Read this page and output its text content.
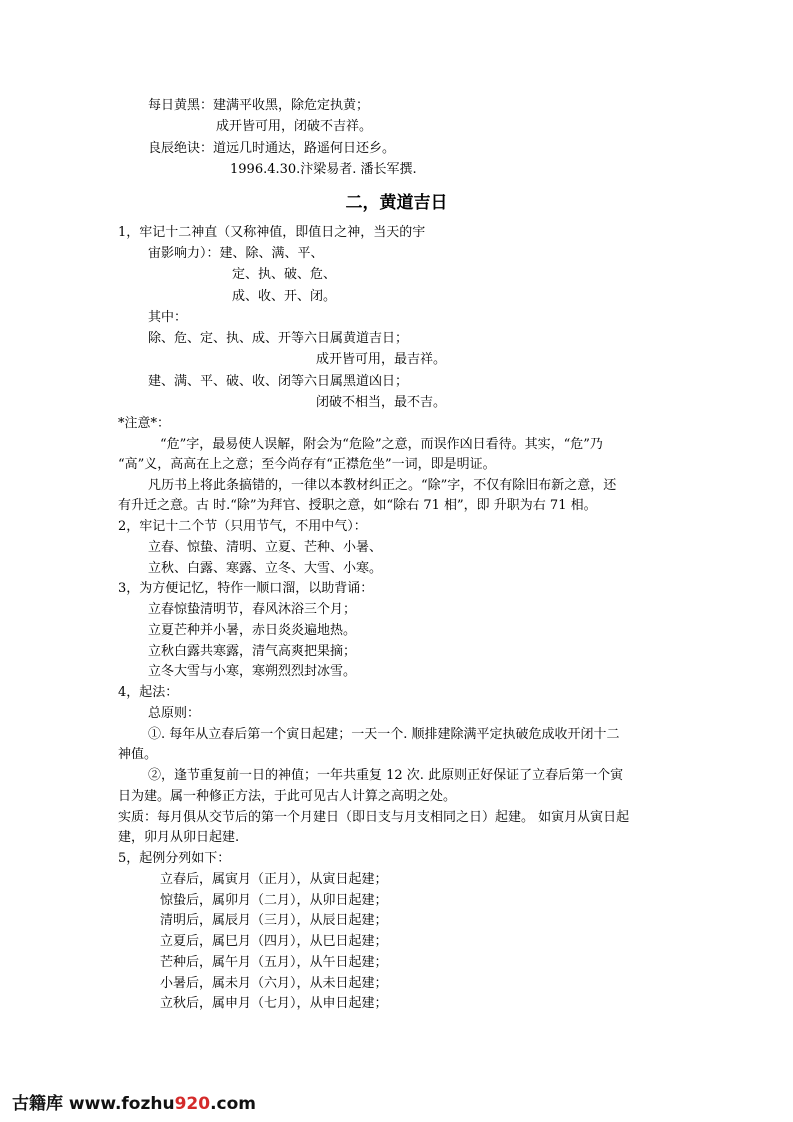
每日黄黑：建满平收黑，除危定执黄；
成开皆可用，闭破不吉祥。
良辰绝诀：道远几时通达，路遥何日还乡。
1996.4.30.汴梁易者. 潘长军撰.
二，黄道吉日
1，牢记十二神直（又称神值，即值日之神，当天的宇
宙影响力）：建、除、满、平、
定、执、破、危、
成、收、开、闭。
其中：
除、危、定、执、成、开等六日属黄道吉日；
成开皆可用，最吉祥。
建、满、平、破、收、闭等六日属黑道凶日；
闭破不相当，最不吉。
*注意*：
“危”字，最易使人误解，附会为“危险”之意，而误作凶日看待。其实，“危”乃
“高”义，高高在上之意；至今尚存有“正襟危坐”一词，即是明证。
凡历书上将此条搞错的，一律以本教材纠正之。“除”字，不仅有除旧布新之意，还
有升迁之意。古 时.“除”为拜官、授职之意，如“除右 71 相”，即 升职为右 71 相。
2，牢记十二个节（只用节气，不用中气）：
立春、惊蛰、清明、立夏、芒种、小暑、
立秋、白露、寒露、立冬、大雪、小寒。
3，为方便记忆，特作一顺口溜，以助背诵：
立春惊蛰清明节，春风沐浴三个月；
立夏芒种并小暑，赤日炎炎遍地热。
立秋白露共寒露，清气高爽把果摘；
立冬大雪与小寒，寒朔烈烈封冰雪。
4，起法：
总原则：
①. 每年从立春后第一个寅日起建；一天一个. 顺排建除满平定执破危成收开闭十二
神值。
②，逢节重复前一日的神值；一年共重复 12 次. 此原则正好保证了立春后第一个寅
日为建。属一种修正方法，于此可见古人计算之高明之处。
实质：每月俱从交节后的第一个月建日（即日支与月支相同之日）起建。 如寅月从寅日起
建，卯月从卯日起建.
5，起例分列如下：
立春后，属寅月（正月），从寅日起建；
惊蛰后，属卯月（二月），从卯日起建；
清明后，属辰月（三月），从辰日起建；
立夏后，属巳月（四月），从巳日起建；
芒种后，属午月（五月），从午日起建；
小暑后，属未月（六月），从未日起建；
立秋后，属申月（七月），从申日起建；
古籍库 www.fozhu920.com
